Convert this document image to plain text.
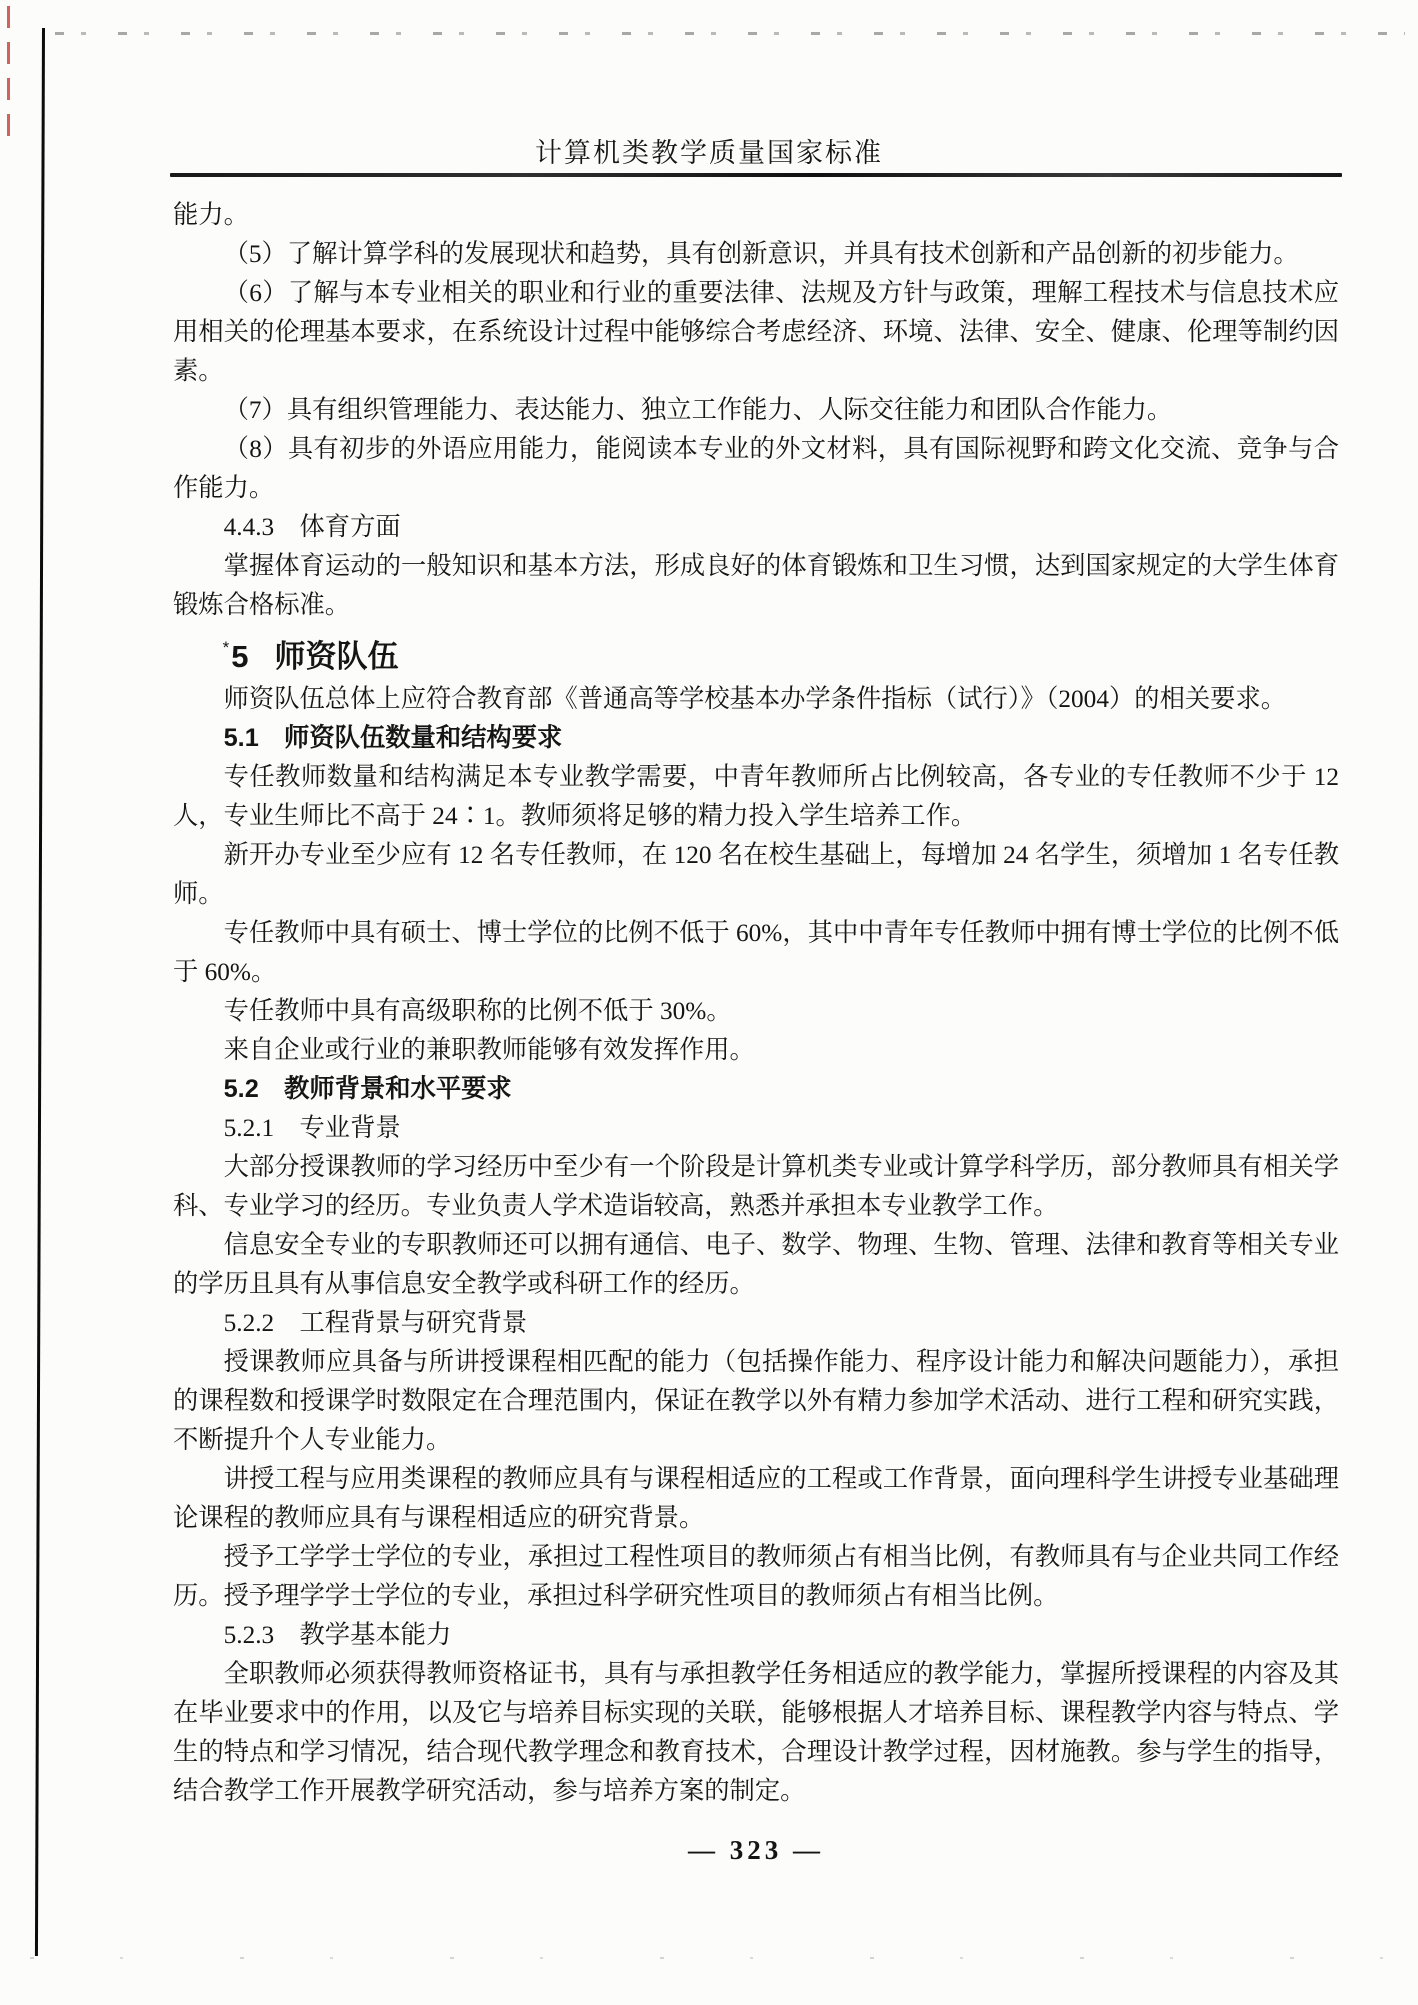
计算机类教学质量国家标准

能力。

（5）了解计算学科的发展现状和趋势，具有创新意识，并具有技术创新和产品创新的初步能力。

（6）了解与本专业相关的职业和行业的重要法律、法规及方针与政策，理解工程技术与信息技术应用相关的伦理基本要求，在系统设计过程中能够综合考虑经济、环境、法律、安全、健康、伦理等制约因素。

（7）具有组织管理能力、表达能力、独立工作能力、人际交往能力和团队合作能力。

（8）具有初步的外语应用能力，能阅读本专业的外文材料，具有国际视野和跨文化交流、竞争与合作能力。

4.4.3　体育方面

掌握体育运动的一般知识和基本方法，形成良好的体育锻炼和卫生习惯，达到国家规定的大学生体育锻炼合格标准。

*5 师资队伍

师资队伍总体上应符合教育部《普通高等学校基本办学条件指标（试行）》（2004）的相关要求。

5.1　师资队伍数量和结构要求

专任教师数量和结构满足本专业教学需要，中青年教师所占比例较高，各专业的专任教师不少于 12 人，专业生师比不高于 24∶1。教师须将足够的精力投入学生培养工作。

新开办专业至少应有 12 名专任教师，在 120 名在校生基础上，每增加 24 名学生，须增加 1 名专任教师。

专任教师中具有硕士、博士学位的比例不低于 60%，其中中青年专任教师中拥有博士学位的比例不低于 60%。

专任教师中具有高级职称的比例不低于 30%。

来自企业或行业的兼职教师能够有效发挥作用。

5.2　教师背景和水平要求

5.2.1　专业背景

大部分授课教师的学习经历中至少有一个阶段是计算机类专业或计算学科学历，部分教师具有相关学科、专业学习的经历。专业负责人学术造诣较高，熟悉并承担本专业教学工作。

信息安全专业的专职教师还可以拥有通信、电子、数学、物理、生物、管理、法律和教育等相关专业的学历且具有从事信息安全教学或科研工作的经历。

5.2.2　工程背景与研究背景

授课教师应具备与所讲授课程相匹配的能力（包括操作能力、程序设计能力和解决问题能力），承担的课程数和授课学时数限定在合理范围内，保证在教学以外有精力参加学术活动、进行工程和研究实践，不断提升个人专业能力。

讲授工程与应用类课程的教师应具有与课程相适应的工程或工作背景，面向理科学生讲授专业基础理论课程的教师应具有与课程相适应的研究背景。

授予工学学士学位的专业，承担过工程性项目的教师须占有相当比例，有教师具有与企业共同工作经历。授予理学学士学位的专业，承担过科学研究性项目的教师须占有相当比例。

5.2.3　教学基本能力

全职教师必须获得教师资格证书，具有与承担教学任务相适应的教学能力，掌握所授课程的内容及其在毕业要求中的作用，以及它与培养目标实现的关联，能够根据人才培养目标、课程教学内容与特点、学生的特点和学习情况，结合现代教学理念和教育技术，合理设计教学过程，因材施教。参与学生的指导，结合教学工作开展教学研究活动，参与培养方案的制定。

— 323 —
